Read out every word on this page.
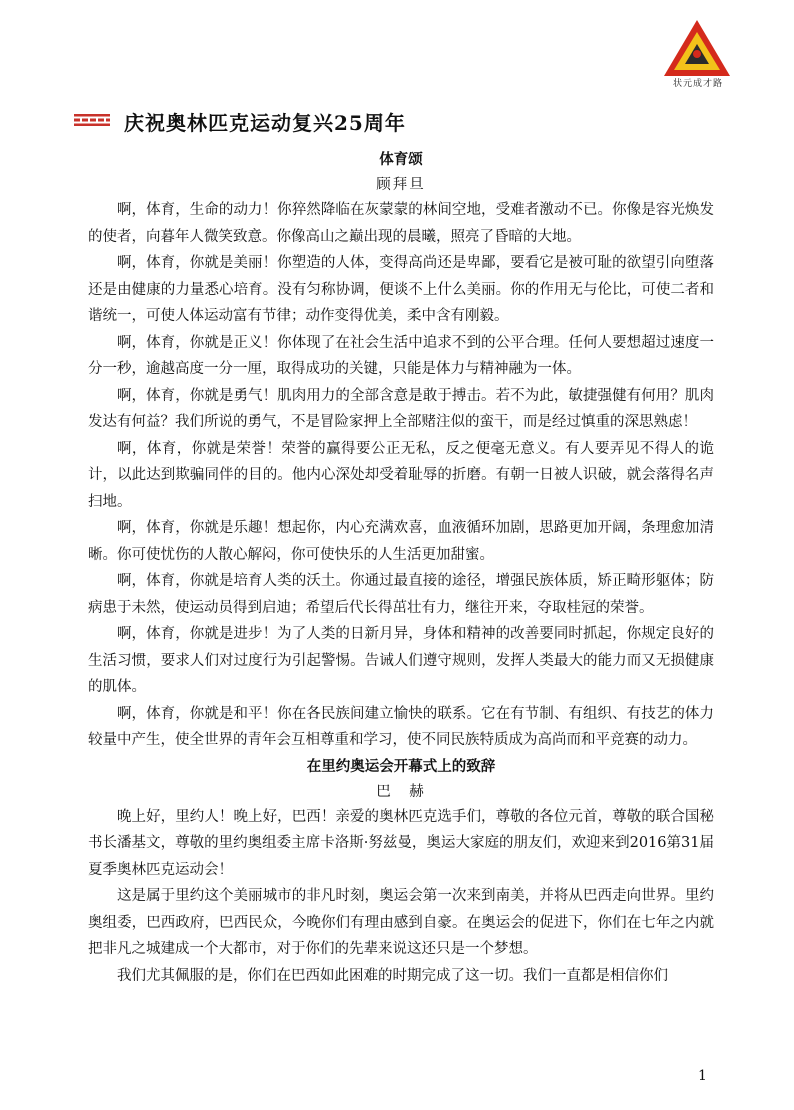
状元成才路
庆祝奥林匹克运动复兴25周年
体育颂

顾拜旦

啊，体育，生命的动力！你猝然降临在灰蒙蒙的林间空地，受难者激动不已。你像是容光焕发的使者，向暮年人微笑致意。你像高山之巅出现的晨曦，照亮了昏暗的大地。

啊，体育，你就是美丽！你塑造的人体，变得高尚还是卑鄙，要看它是被可耻的欲望引向堕落还是由健康的力量悉心培育。没有匀称协调，便谈不上什么美丽。你的作用无与伦比，可使二者和谐统一，可使人体运动富有节律；动作变得优美，柔中含有刚毅。

啊，体育，你就是正义！你体现了在社会生活中追求不到的公平合理。任何人要想超过速度一分一秒，逾越高度一分一厘，取得成功的关键，只能是体力与精神融为一体。

啊，体育，你就是勇气！肌肉用力的全部含意是敢于搏击。若不为此，敏捷强健有何用？肌肉发达有何益？我们所说的勇气，不是冒险家押上全部赌注似的蛮干，而是经过慎重的深思熟虑！

啊，体育，你就是荣誉！荣誉的赢得要公正无私，反之便毫无意义。有人要弄见不得人的诡计，以此达到欺骗同伴的目的。他内心深处却受着耻辱的折磨。有朝一日被人识破，就会落得名声扫地。

啊，体育，你就是乐趣！想起你，内心充满欢喜，血液循环加剧，思路更加开阔，条理愈加清晰。你可使忧伤的人散心解闷，你可使快乐的人生活更加甜蜜。

啊，体育，你就是培育人类的沃土。你通过最直接的途径，增强民族体质，矫正畸形躯体；防病患于未然，使运动员得到启迪；希望后代长得茁壮有力，继往开来，夺取桂冠的荣誉。

啊，体育，你就是进步！为了人类的日新月异，身体和精神的改善要同时抓起，你规定良好的生活习惯，要求人们对过度行为引起警惕。告诫人们遵守规则，发挥人类最大的能力而又无损健康的肌体。

啊，体育，你就是和平！你在各民族间建立愉快的联系。它在有节制、有组织、有技艺的体力较量中产生，使全世界的青年会互相尊重和学习，使不同民族特质成为高尚而和平竞赛的动力。

在里约奥运会开幕式上的致辞

巴　赫

晚上好，里约人！晚上好，巴西！亲爱的奥林匹克选手们，尊敬的各位元首，尊敬的联合国秘书长潘基文，尊敬的里约奥组委主席卡洛斯·努兹曼，奥运大家庭的朋友们，欢迎来到2016第31届夏季奥林匹克运动会！

这是属于里约这个美丽城市的非凡时刻，奥运会第一次来到南美，并将从巴西走向世界。里约奥组委，巴西政府，巴西民众，今晚你们有理由感到自豪。在奥运会的促进下，你们在七年之内就把非凡之城建成一个大都市，对于你们的先辈来说这还只是一个梦想。

我们尤其佩服的是，你们在巴西如此困难的时期完成了这一切。我们一直都是相信你们

1
